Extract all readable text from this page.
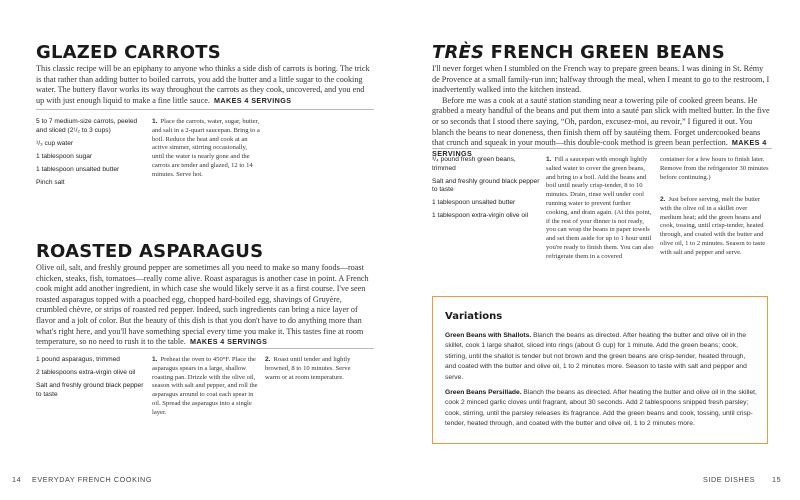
GLAZED CARROTS
This classic recipe will be an epiphany to anyone who thinks a side dish of carrots is boring. The trick is that rather than adding butter to boiled carrots, you add the butter and a little sugar to the cooking water. The buttery flavor works its way throughout the carrots as they cook, uncovered, and you end up with just enough liquid to make a fine little sauce. MAKES 4 SERVINGS
5 to 7 medium-size carrots, peeled and sliced (2¹/₂ to 3 cups)
¹/₃ cup water
1 tablespoon sugar
1 tablespoon unsalted butter
Pinch salt
1. Place the carrots, water, sugar, butter, and salt in a 2-quart saucepan. Bring to a boil. Reduce the heat and cook at an active simmer, stirring occasionally, until the water is nearly gone and the carrots are tender and glazed, 12 to 14 minutes. Serve hot.
ROASTED ASPARAGUS
Olive oil, salt, and freshly ground pepper are sometimes all you need to make so many foods—roast chicken, steaks, fish, tomatoes—really come alive. Roast asparagus is another case in point. A French cook might add another ingredient, in which case she would likely serve it as a first course. I've seen roasted asparagus topped with a poached egg, chopped hard-boiled egg, shavings of Gruyère, crumbled chèvre, or strips of roasted red pepper. Indeed, such ingredients can bring a nice layer of flavor and a jolt of color. But the beauty of this dish is that you don't have to do anything more than what's right here, and you'll have something special every time you make it. This tastes fine at room temperature, so no need to rush it to the table. MAKES 4 SERVINGS
1 pound asparagus, trimmed
2 tablespoons extra-virgin olive oil
Salt and freshly ground black pepper to taste
1. Preheat the oven to 450°F. Place the asparagus spears in a large, shallow roasting pan. Drizzle with the olive oil, season with salt and pepper, and roll the asparagus around to coat each spear in oil. Spread the asparagus into a single layer.
2. Roast until tender and lightly browned, 8 to 10 minutes. Serve warm or at room temperature.
14 EVERYDAY FRENCH COOKING
TRÈS FRENCH GREEN BEANS
I'll never forget when I stumbled on the French way to prepare green beans. I was dining in St. Rémy de Provence at a small family-run inn; halfway through the meal, when I meant to go to the restroom, I inadvertently walked into the kitchen instead.
Before me was a cook at a sauté station standing near a towering pile of cooked green beans. He grabbed a meaty handful of the beans and put them into a sauté pan slick with melted butter. In the five or so seconds that I stood there saying, “Oh, pardon, excusez-moi, au revoir,” I figured it out. You blanch the beans to near doneness, then finish them off by sautéing them. Forget undercooked beans that crunch and squeak in your mouth—this double-cook method is green bean perfection. MAKES 4 SERVINGS
³/₄ pound fresh green beans, trimmed
Salt and freshly ground black pepper to taste
1 tablespoon unsalted butter
1 tablespoon extra-virgin olive oil
1. Fill a saucepan with enough lightly salted water to cover the green beans, and bring to a boil. Add the beans and boil until nearly crisp-tender, 8 to 10 minutes. Drain, rinse well under cool running water to prevent further cooking, and drain again. (At this point, if the rest of your dinner is not ready, you can wrap the beans in paper towels and set them aside for up to 1 hour until you're ready to finish them. You can also refrigerate them in a covered
container for a few hours to finish later. Remove from the refrigerator 30 minutes before continuing.)
2. Just before serving, melt the butter with the olive oil in a skillet over medium heat; add the green beans and cook, tossing, until crisp-tender, heated through, and coated with the butter and olive oil, 1 to 2 minutes. Season to taste with salt and pepper and serve.
SIDE DISHES 15
Variations
Green Beans with Shallots. Blanch the beans as directed. After heating the butter and olive oil in the skillet, cook 1 large shallot, sliced into rings (about G cup) for 1 minute. Add the green beans; cook, stirring, until the shallot is tender but not brown and the green beans are crisp-tender, heated through, and coated with the butter and olive oil, 1 to 2 minutes more. Season to taste with salt and pepper and serve.
Green Beans Persillade. Blanch the beans as directed. After heating the butter and olive oil in the skillet, cook 2 minced garlic cloves until fragrant, about 30 seconds. Add 2 tablespoons snipped fresh parsley; cook, stirring, until the parsley releases its fragrance. Add the green beans and cook, tossing, until crisp-tender, heated through, and coated with the butter and olive oil, 1 to 2 minutes more.
